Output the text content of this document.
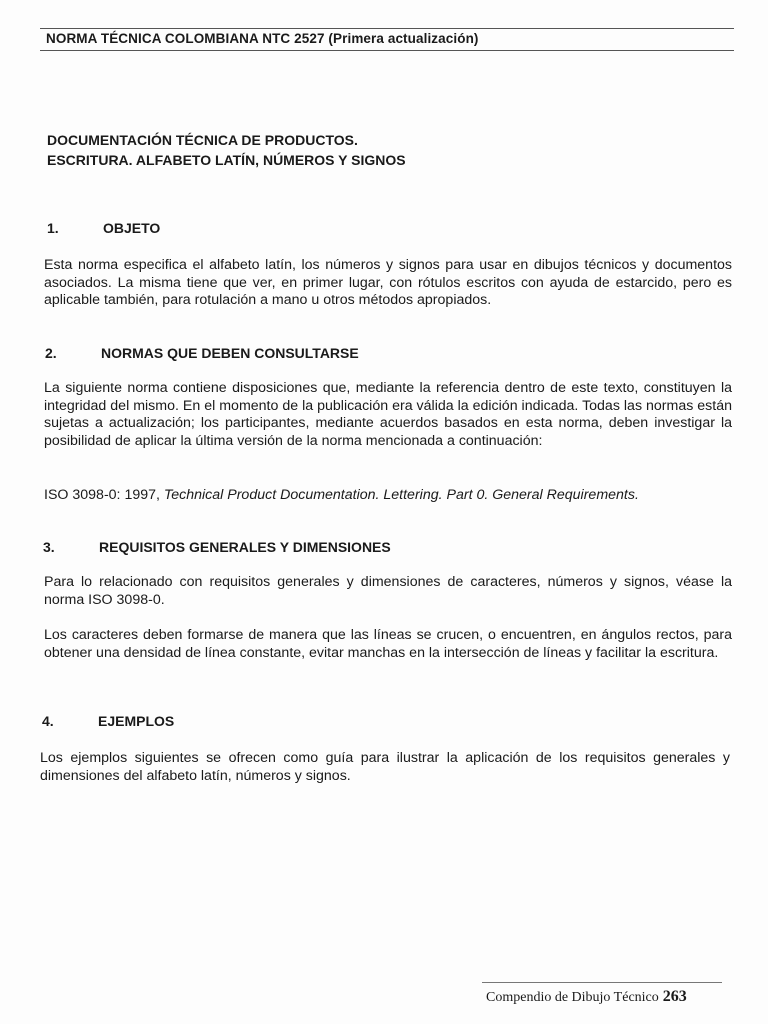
NORMA TÉCNICA COLOMBIANA NTC 2527 (Primera actualización)
DOCUMENTACIÓN TÉCNICA DE PRODUCTOS.
ESCRITURA. ALFABETO LATÍN, NÚMEROS Y SIGNOS
1.	OBJETO
Esta norma especifica el alfabeto latín, los números y signos para usar en dibujos técnicos y documentos asociados. La misma tiene que ver, en primer lugar, con rótulos escritos con ayuda de estarcido, pero es aplicable también, para rotulación a mano u otros métodos apropiados.
2.	NORMAS QUE DEBEN CONSULTARSE
La siguiente norma contiene disposiciones que, mediante la referencia dentro de este texto, constituyen la integridad del mismo. En el momento de la publicación era válida la edición indicada. Todas las normas están sujetas a actualización; los participantes, mediante acuerdos basados en esta norma, deben investigar la posibilidad de aplicar la última versión de la norma mencionada a continuación:
ISO 3098-0: 1997, Technical Product Documentation. Lettering. Part 0. General Requirements.
3.	REQUISITOS GENERALES Y DIMENSIONES
Para lo relacionado con requisitos generales y dimensiones de caracteres, números y signos, véase la norma ISO 3098-0.
Los caracteres deben formarse de manera que las líneas se crucen, o encuentren, en ángulos rectos, para obtener una densidad de línea constante, evitar manchas en la intersección de líneas y facilitar la escritura.
4.	EJEMPLOS
Los ejemplos siguientes se ofrecen como guía para ilustrar la aplicación de los requisitos generales y dimensiones del alfabeto latín, números y signos.
Compendio de Dibujo Técnico 263
